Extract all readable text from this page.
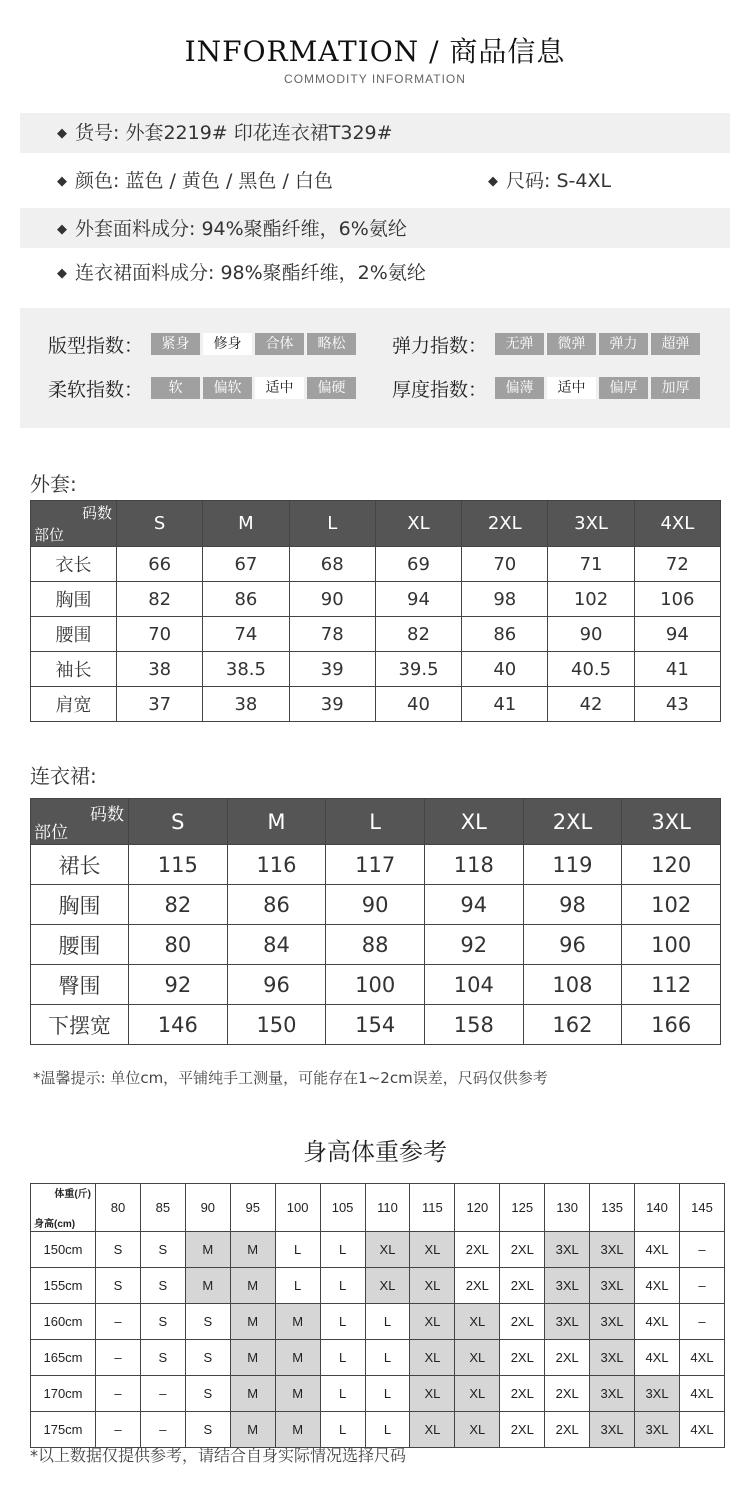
INFORMATION / 商品信息
COMMODITY INFORMATION
◆ 货号: 外套2219# 印花连衣裙T329#
◆ 颜色: 蓝色 / 黄色 / 黑色 / 白色	◆ 尺码: S-4XL
◆ 外套面料成分: 94%聚酯纤维，6%氨纶
◆ 连衣裙面料成分: 98%聚酯纤维，2%氨纶
版型指数：	紧身	修身	合体	略松	弹力指数：	无弹	微弹	弹力	超弹
柔软指数：	软	偏软	适中	偏硬	厚度指数：	偏薄	适中	偏厚	加厚
外套:
码数
部位	S	M	L	XL	2XL	3XL	4XL
衣长	66	67	68	69	70	71	72
胸围	82	86	90	94	98	102	106
腰围	70	74	78	82	86	90	94
袖长	38	38.5	39	39.5	40	40.5	41
肩宽	37	38	39	40	41	42	43
连衣裙:
码数
部位	S	M	L	XL	2XL	3XL
裙长	115	116	117	118	119	120
胸围	82	86	90	94	98	102
腰围	80	84	88	92	96	100
臀围	92	96	100	104	108	112
下摆宽	146	150	154	158	162	166
*温馨提示: 单位cm，平铺纯手工测量，可能存在1~2cm误差，尺码仅供参考
身高体重参考
体重(斤)
身高(cm)	80	85	90	95	100	105	110	115	120	125	130	135	140	145
150cm	S	S	M	M	L	L	XL	XL	2XL	2XL	3XL	3XL	4XL	–
155cm	S	S	M	M	L	L	XL	XL	2XL	2XL	3XL	3XL	4XL	–
160cm	–	S	S	M	M	L	L	XL	XL	2XL	3XL	3XL	4XL	–
165cm	–	S	S	M	M	L	L	XL	XL	2XL	2XL	3XL	4XL	4XL
170cm	–	–	S	M	M	L	L	XL	XL	2XL	2XL	3XL	3XL	4XL
175cm	–	–	S	M	M	L	L	XL	XL	2XL	2XL	3XL	3XL	4XL
*以上数据仅提供参考，请结合自身实际情况选择尺码
